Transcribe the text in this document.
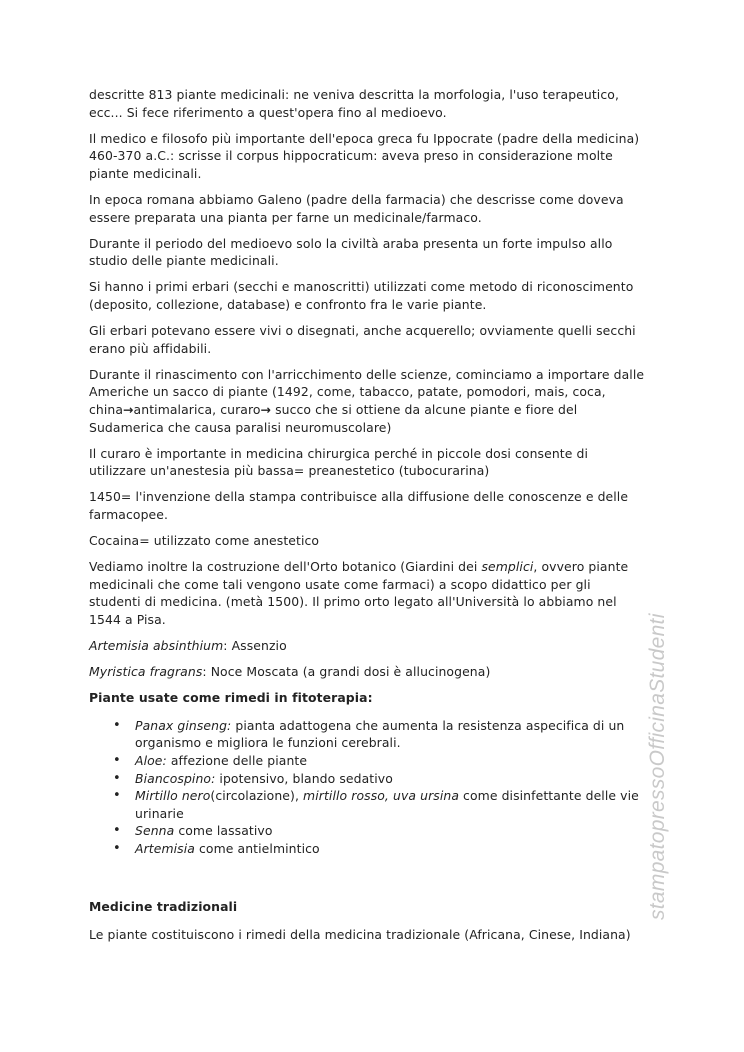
descritte 813 piante medicinali: ne veniva descritta la morfologia, l'uso terapeutico, ecc... Si fece riferimento a quest'opera fino al medioevo.

Il medico e filosofo più importante dell'epoca greca fu Ippocrate (padre della medicina) 460-370 a.C.: scrisse il corpus hippocraticum: aveva preso in considerazione molte piante medicinali.

In epoca romana abbiamo Galeno (padre della farmacia) che descrisse come doveva essere preparata una pianta per farne un medicinale/farmaco.

Durante il periodo del medioevo solo la civiltà araba presenta un forte impulso allo studio delle piante medicinali.

Si hanno i primi erbari (secchi e manoscritti) utilizzati come metodo di riconoscimento (deposito, collezione, database) e confronto fra le varie piante.

Gli erbari potevano essere vivi o disegnati, anche acquerello; ovviamente quelli secchi erano più affidabili.

Durante il rinascimento con l'arricchimento delle scienze, cominciamo a importare dalle Americhe un sacco di piante (1492, come, tabacco, patate, pomodori, mais, coca, china→antimalarica, curaro→ succo che si ottiene da alcune piante e fiore del Sudamerica che causa paralisi neuromuscolare)

Il curaro è importante in medicina chirurgica perché in piccole dosi consente di utilizzare un'anestesia più bassa= preanestetico (tubocurarina)

1450= l'invenzione della stampa contribuisce alla diffusione delle conoscenze e delle farmacopee.

Cocaina= utilizzato come anestetico

Vediamo inoltre la costruzione dell'Orto botanico (Giardini dei semplici, ovvero piante medicinali che come tali vengono usate come farmaci) a scopo didattico per gli studenti di medicina. (metà 1500). Il primo orto legato all'Università lo abbiamo nel 1544 a Pisa.

Artemisia absinthium: Assenzio

Myristica fragrans: Noce Moscata (a grandi dosi è allucinogena)

Piante usate come rimedi in fitoterapia:
• Panax ginseng: pianta adattogena che aumenta la resistenza aspecifica di un organismo e migliora le funzioni cerebrali.
• Aloe: affezione delle piante
• Biancospino: ipotensivo, blando sedativo
• Mirtillo nero(circolazione), mirtillo rosso, uva ursina come disinfettante delle vie urinarie
• Senna come lassativo
• Artemisia come antielmintico
Medicine tradizionali

Le piante costituiscono i rimedi della medicina tradizionale (Africana, Cinese, Indiana)

stampatopressoOfficinaStudenti
